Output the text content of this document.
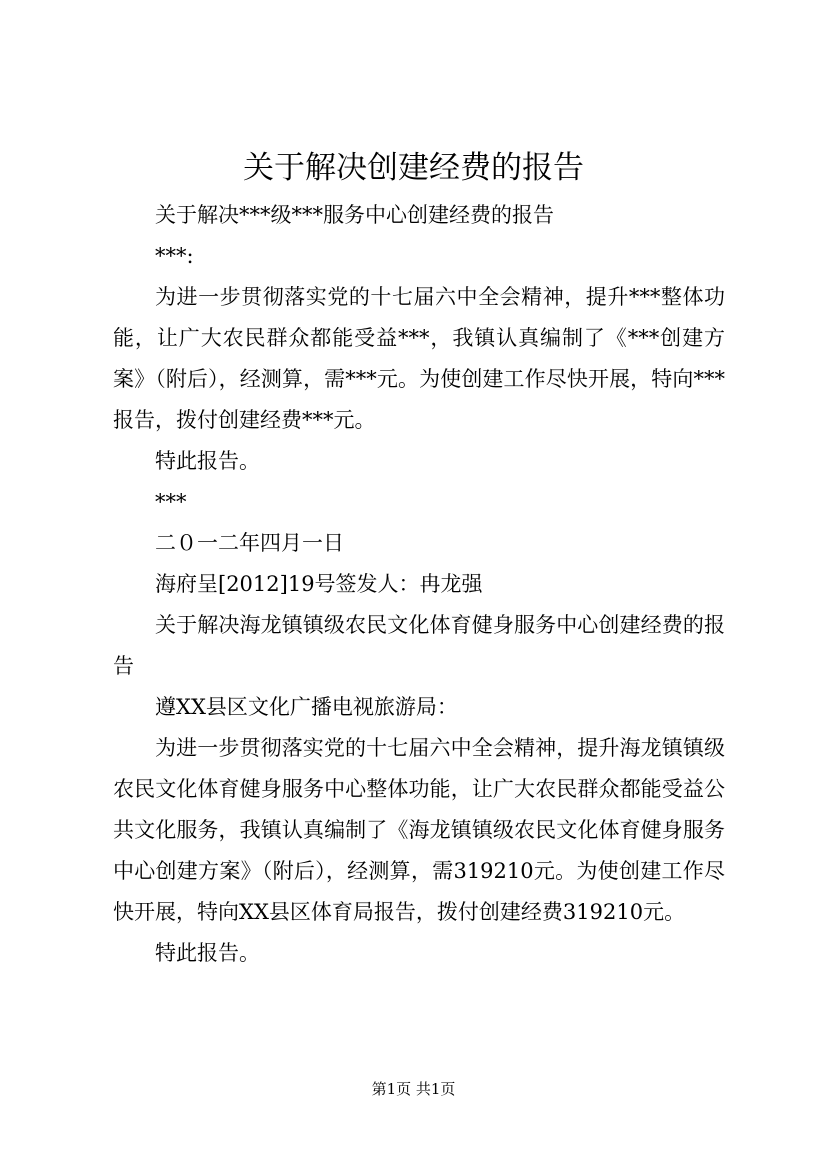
关于解决创建经费的报告

关于解决***级***服务中心创建经费的报告

***:

为进一步贯彻落实党的十七届六中全会精神，提升***整体功能，让广大农民群众都能受益***，我镇认真编制了《***创建方案》（附后），经测算，需***元。为使创建工作尽快开展，特向***报告，拨付创建经费***元。

特此报告。

***

二０一二年四月一日

海府呈[2012]19号签发人：冉龙强

关于解决海龙镇镇级农民文化体育健身服务中心创建经费的报告

遵XX县区文化广播电视旅游局：

为进一步贯彻落实党的十七届六中全会精神，提升海龙镇镇级农民文化体育健身服务中心整体功能，让广大农民群众都能受益公共文化服务，我镇认真编制了《海龙镇镇级农民文化体育健身服务中心创建方案》（附后），经测算，需319210元。为使创建工作尽快开展，特向XX县区体育局报告，拨付创建经费319210元。

特此报告。

第1页 共1页
